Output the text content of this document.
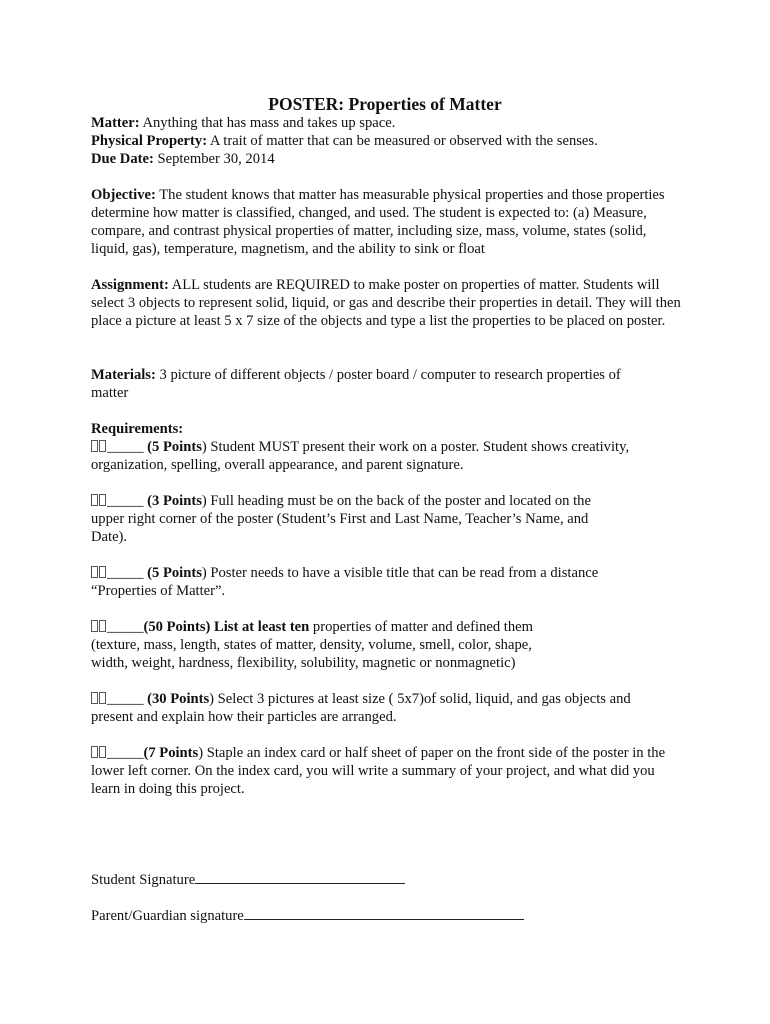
POSTER: Properties of Matter

Matter: Anything that has mass and takes up space.
Physical Property: A trait of matter that can be measured or observed with the senses.
Due Date: September 30, 2014

Objective: The student knows that matter has measurable physical properties and those properties determine how matter is classified, changed, and used. The student is expected to: (a) Measure, compare, and contrast physical properties of matter, including size, mass, volume, states (solid, liquid, gas), temperature, magnetism, and the ability to sink or float

Assignment: ALL students are REQUIRED to make poster on properties of matter. Students will select 3 objects to represent solid, liquid, or gas and describe their properties in detail. They will then place a picture at least 5 x 7 size of the objects and type a list the properties to be placed on poster.

Materials: 3 picture of different objects / poster board / computer to research properties of matter

Requirements:

_____ (5 Points) Student MUST present their work on a poster. Student shows creativity, organization, spelling, overall appearance, and parent signature.

_____ (3 Points) Full heading must be on the back of the poster and located on the upper right corner of the poster (Student’s First and Last Name, Teacher’s Name, and Date).

_____ (5 Points) Poster needs to have a visible title that can be read from a distance “Properties of Matter”.

_____(50 Points) List at least ten properties of matter and defined them (texture, mass, length, states of matter, density, volume, smell, color, shape, width, weight, hardness, flexibility, solubility, magnetic or nonmagnetic)

_____ (30 Points) Select 3 pictures at least size ( 5x7)of solid, liquid, and gas objects and present and explain how their particles are arranged.

_____(7 Points) Staple an index card or half sheet of paper on the front side of the poster in the lower left corner. On the index card, you will write a summary of your project, and what did you learn in doing this project.

Student Signature

Parent/Guardian signature
